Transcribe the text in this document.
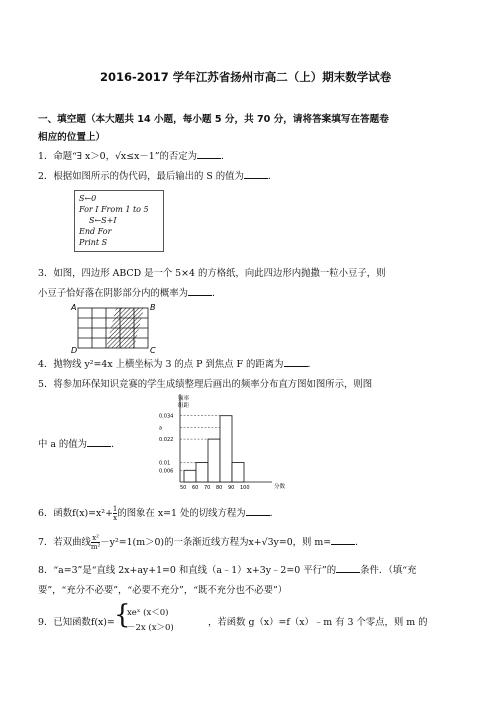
2016-2017 学年江苏省扬州市高二（上）期末数学试卷
一、填空题（本大题共 14 小题，每小题 5 分，共 70 分，请将答案填写在答题卷
相应的位置上）
1．命题“∃ x＞0，√x≤x－1”的否定为	．
2．根据如图所示的伪代码，最后输出的 S 的值为	．
S←0
For I From 1 to 5
S←S+I
End For
Print S
3．如图，四边形 ABCD 是一个 5×4 的方格纸，向此四边形内抛撒一粒小豆子，则
小豆子恰好落在阴影部分内的概率为	．
A	B
C
D
4．抛物线 y²=4x 上横坐标为 3 的点 P 到焦点 F 的距离为	．
5．将参加环保知识竞赛的学生成绩整理后画出的频率分布直方图如图所示，则图
中 a 的值为	．
频率
组距
分数
0.006
0.01
0.022
a
0.034
50 60 70 80 90 100
6．函数$f(x)=x^2+ \frac{1}{x}$ 的图象在 x=1 处的切线方程为	．
7．若双曲线 $\frac{\text{x²}}{\text{m²}} -y^2=1(m>0)$的一条渐近线方程为x+√3y=0，则 m=	．
8．“a=3”是“直线 2x+ay+1=0 和直线（a﹣1）x+3y﹣2=0 平行”的	条件．（填“充
要”，“充分不必要”，“必要不充分”，“既不充分也不必要”）
9．已知函数f(x)= {
xeˣ (x＜0)
－2x (x＞0)	，若函数 g（x）=f（x）﹣m 有 3 个零点，则 m 的
